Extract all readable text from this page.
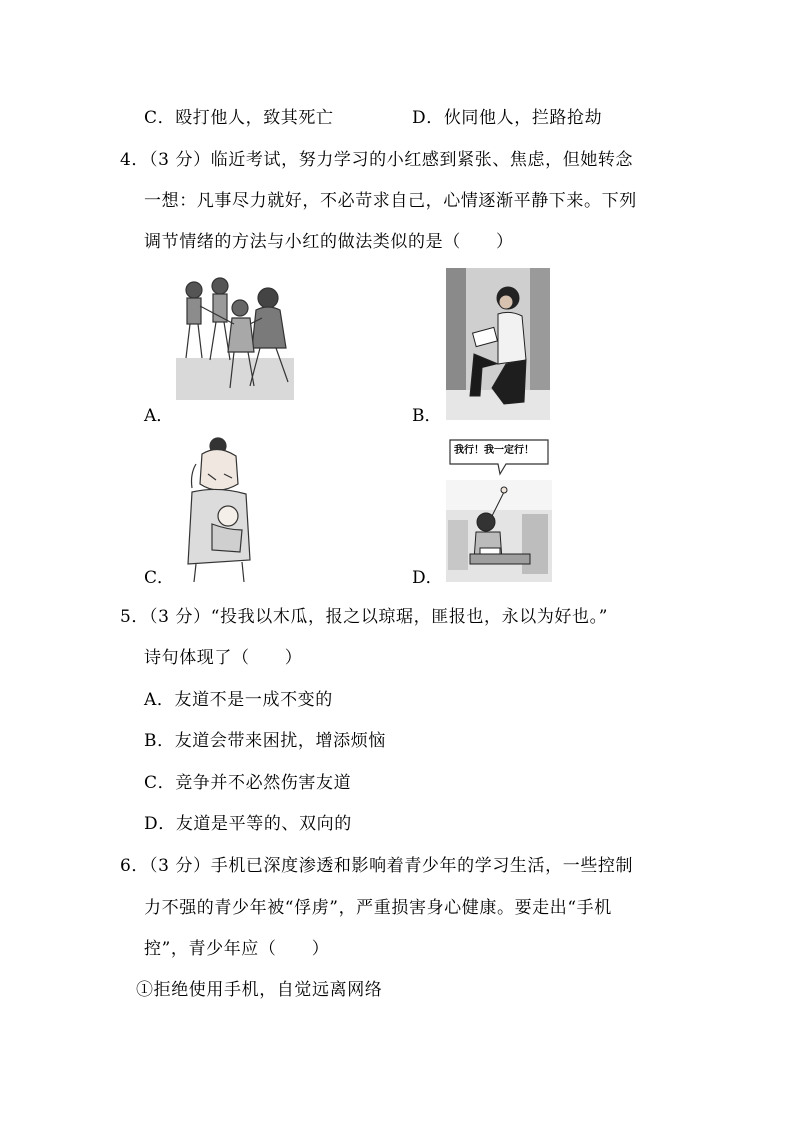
C．殴打他人，致其死亡	D．伙同他人，拦路抢劫
4．（3 分）临近考试，努力学习的小红感到紧张、焦虑，但她转念
一想：凡事尽力就好，不必苛求自己，心情逐渐平静下来。下列
调节情绪的方法与小红的做法类似的是（　　）
A．	B．
C．
我行！我一定行！
D．
5．（3 分）“投我以木瓜，报之以琼琚，匪报也，永以为好也。”
诗句体现了（　　）
A．友道不是一成不变的
B．友道会带来困扰，增添烦恼
C．竞争并不必然伤害友道
D．友道是平等的、双向的
6．（3 分）手机已深度渗透和影响着青少年的学习生活，一些控制
力不强的青少年被“俘虏”，严重损害身心健康。要走出“手机
控”，青少年应（　　）
①拒绝使用手机，自觉远离网络
